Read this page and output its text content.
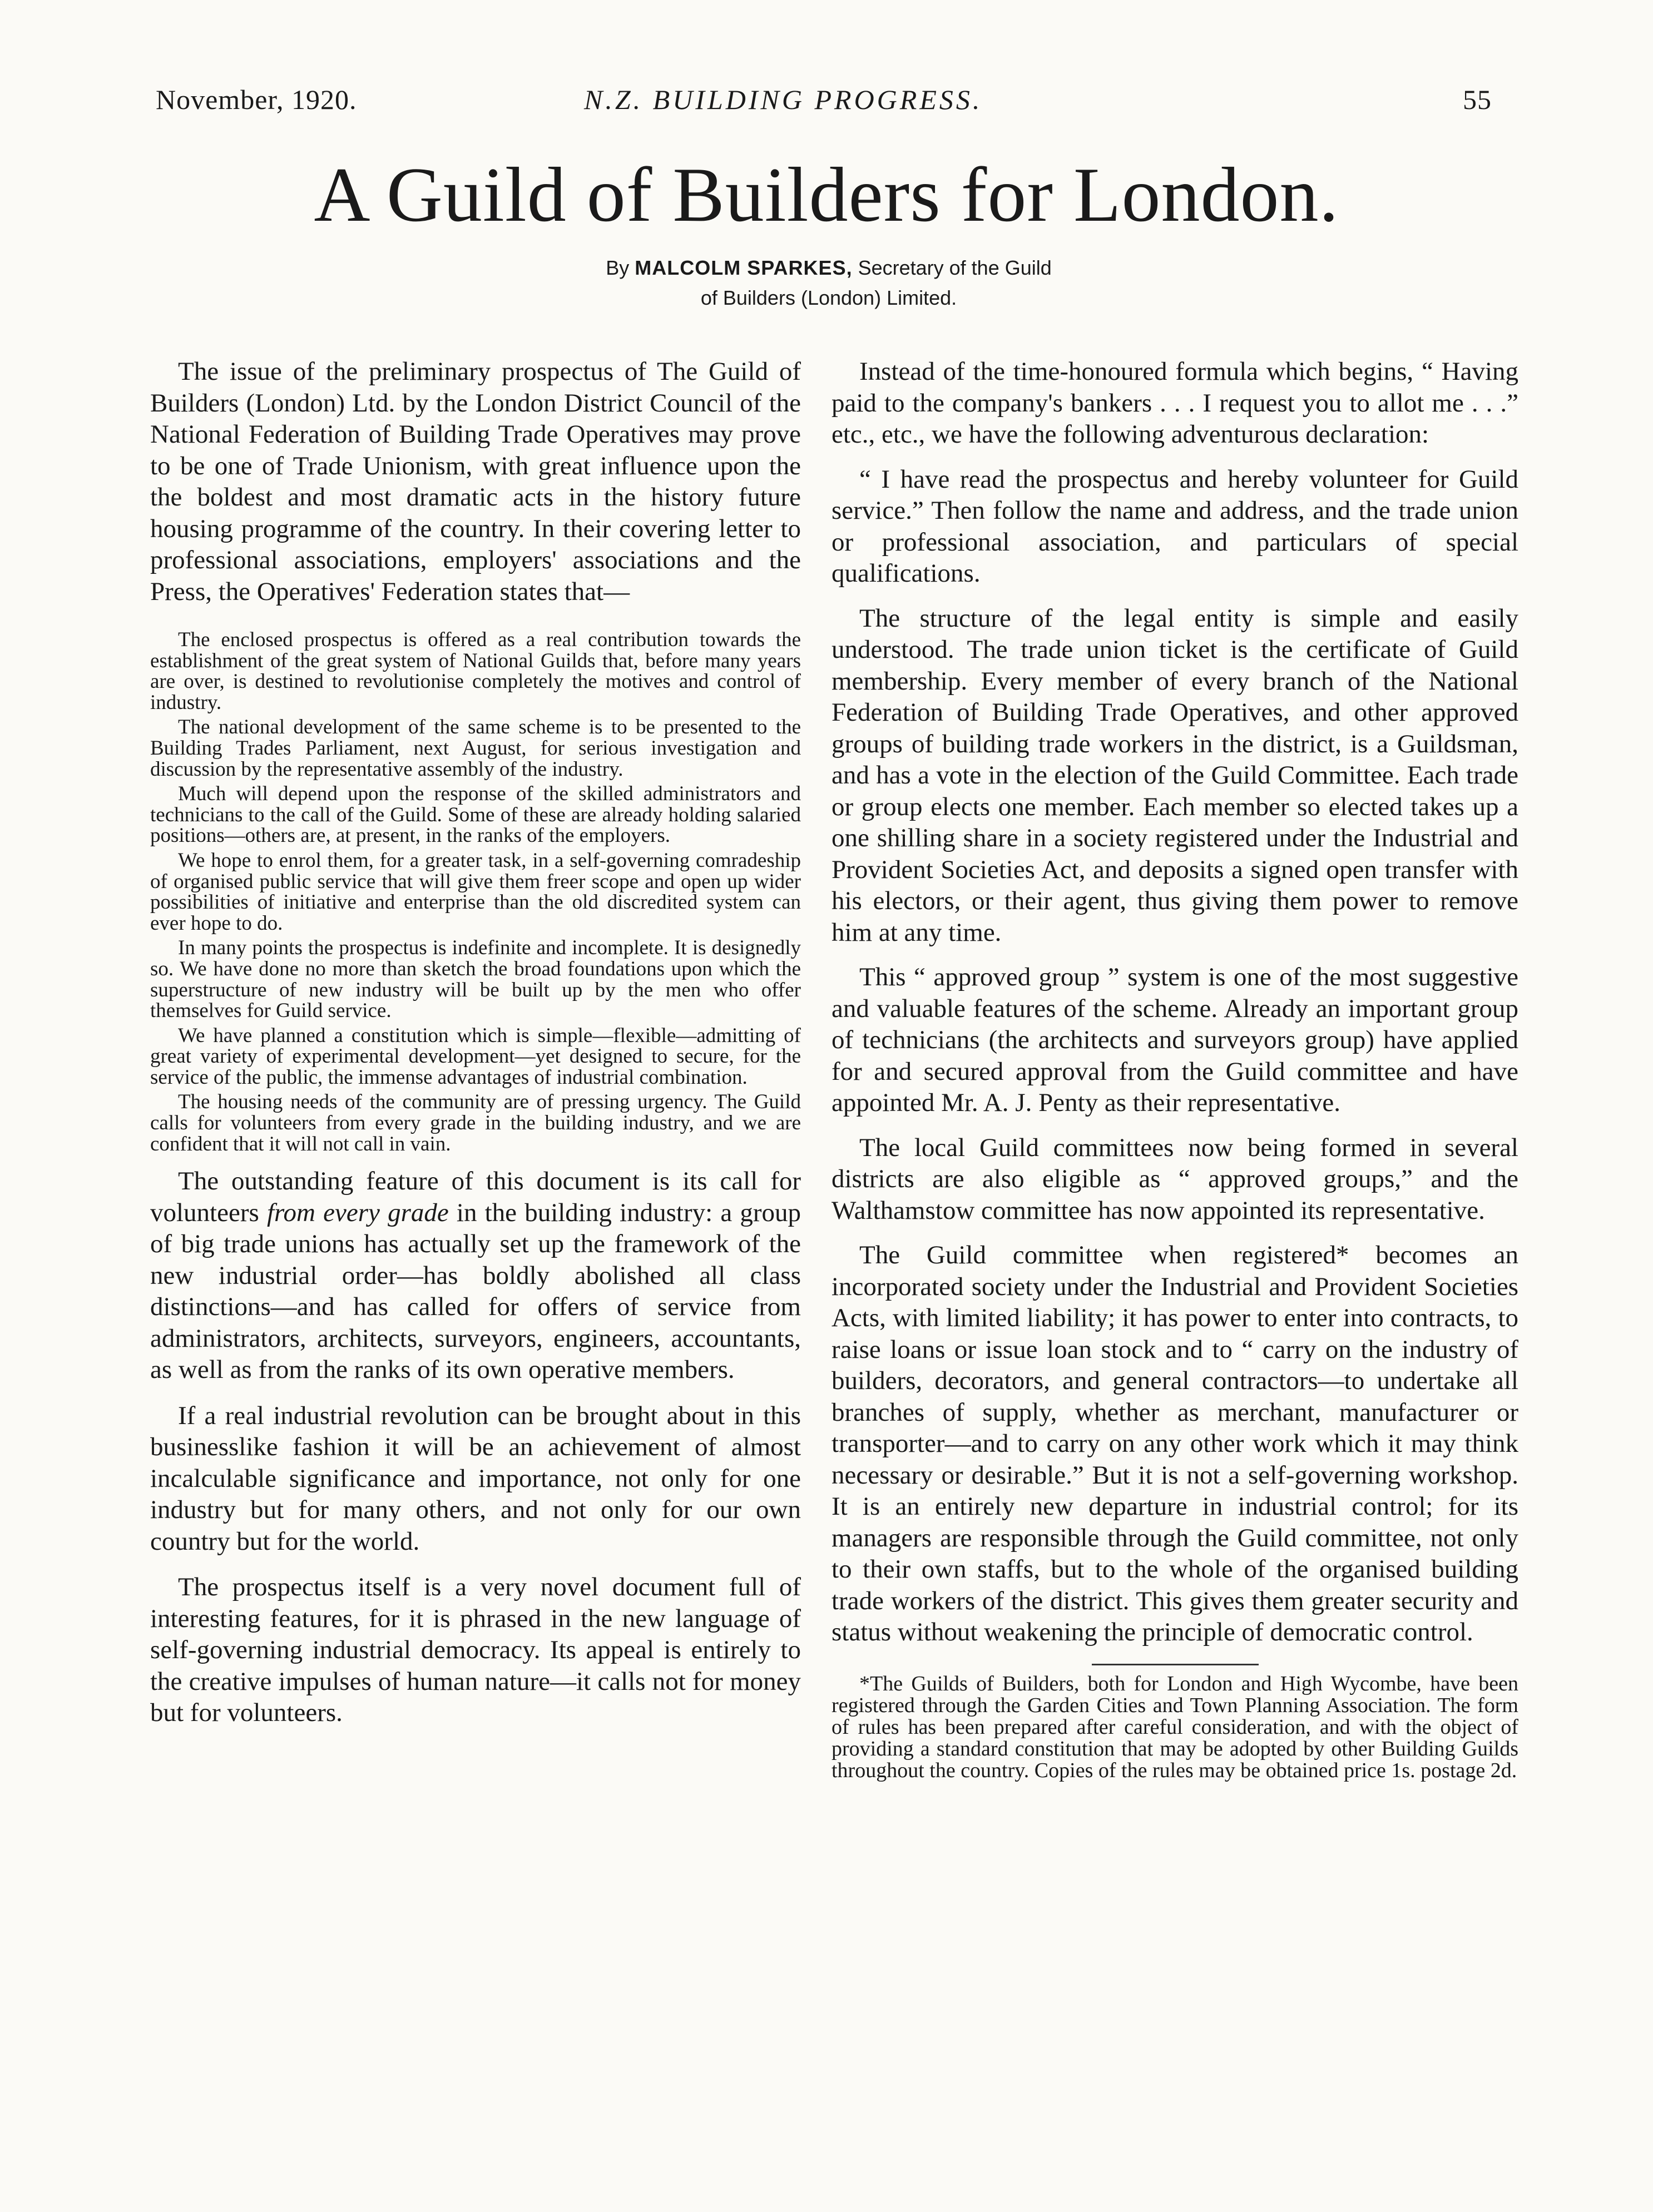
November, 1920.	N.Z. BUILDING PROGRESS.	55
A Guild of Builders for London.
By MALCOLM SPARKES, Secretary of the Guild
of Builders (London) Limited.

The issue of the preliminary prospectus of The Guild of Builders (London) Ltd. by the London District Council of the National Federation of Building Trade Operatives may prove to be one of Trade Unionism, with great influence upon the the boldest and most dramatic acts in the history future housing programme of the country. In their covering letter to professional associations, employers' associations and the Press, the Operatives' Federation states that—

The enclosed prospectus is offered as a real contribution towards the establishment of the great system of National Guilds that, before many years are over, is destined to revolutionise completely the motives and control of industry.

The national development of the same scheme is to be presented to the Building Trades Parliament, next August, for serious investigation and discussion by the representative assembly of the industry.

Much will depend upon the response of the skilled administrators and technicians to the call of the Guild. Some of these are already holding salaried positions—others are, at present, in the ranks of the employers.

We hope to enrol them, for a greater task, in a self-governing comradeship of organised public service that will give them freer scope and open up wider possibilities of initiative and enterprise than the old discredited system can ever hope to do.

In many points the prospectus is indefinite and incomplete. It is designedly so. We have done no more than sketch the broad foundations upon which the superstructure of new industry will be built up by the men who offer themselves for Guild service.

We have planned a constitution which is simple—flexible—admitting of great variety of experimental development—yet designed to secure, for the service of the public, the immense advantages of industrial combination.

The housing needs of the community are of pressing urgency. The Guild calls for volunteers from every grade in the building industry, and we are confident that it will not call in vain.

The outstanding feature of this document is its call for volunteers from every grade in the building industry: a group of big trade unions has actually set up the framework of the new industrial order—has boldly abolished all class distinctions—and has called for offers of service from administrators, architects, surveyors, engineers, accountants, as well as from the ranks of its own operative members.

If a real industrial revolution can be brought about in this businesslike fashion it will be an achievement of almost incalculable significance and importance, not only for one industry but for many others, and not only for our own country but for the world.

The prospectus itself is a very novel document full of interesting features, for it is phrased in the new language of self-governing industrial democracy. Its appeal is entirely to the creative impulses of human nature—it calls not for money but for volunteers.

Instead of the time-honoured formula which begins, “ Having paid to the company's bankers . . . I request you to allot me . . .” etc., etc., we have the following adventurous declaration:

“ I have read the prospectus and hereby volunteer for Guild service.” Then follow the name and address, and the trade union or professional association, and particulars of special qualifications.

The structure of the legal entity is simple and easily understood. The trade union ticket is the certificate of Guild membership. Every member of every branch of the National Federation of Building Trade Operatives, and other approved groups of building trade workers in the district, is a Guildsman, and has a vote in the election of the Guild Committee. Each trade or group elects one member. Each member so elected takes up a one shilling share in a society registered under the Industrial and Provident Societies Act, and deposits a signed open transfer with his electors, or their agent, thus giving them power to remove him at any time.

This “ approved group ” system is one of the most suggestive and valuable features of the scheme. Already an important group of technicians (the architects and surveyors group) have applied for and secured approval from the Guild committee and have appointed Mr. A. J. Penty as their representative.

The local Guild committees now being formed in several districts are also eligible as “ approved groups,” and the Walthamstow committee has now appointed its representative.

The Guild committee when registered* becomes an incorporated society under the Industrial and Provident Societies Acts, with limited liability; it has power to enter into contracts, to raise loans or issue loan stock and to “ carry on the industry of builders, decorators, and general contractors—to undertake all branches of supply, whether as merchant, manufacturer or transporter—and to carry on any other work which it may think necessary or desirable.” But it is not a self-governing workshop. It is an entirely new departure in industrial control; for its managers are responsible through the Guild committee, not only to their own staffs, but to the whole of the organised building trade workers of the district. This gives them greater security and status without weakening the principle of democratic control.

*The Guilds of Builders, both for London and High Wycombe, have been registered through the Garden Cities and Town Planning Association. The form of rules has been prepared after careful consideration, and with the object of providing a standard constitution that may be adopted by other Building Guilds throughout the country. Copies of the rules may be obtained price 1s. postage 2d.
